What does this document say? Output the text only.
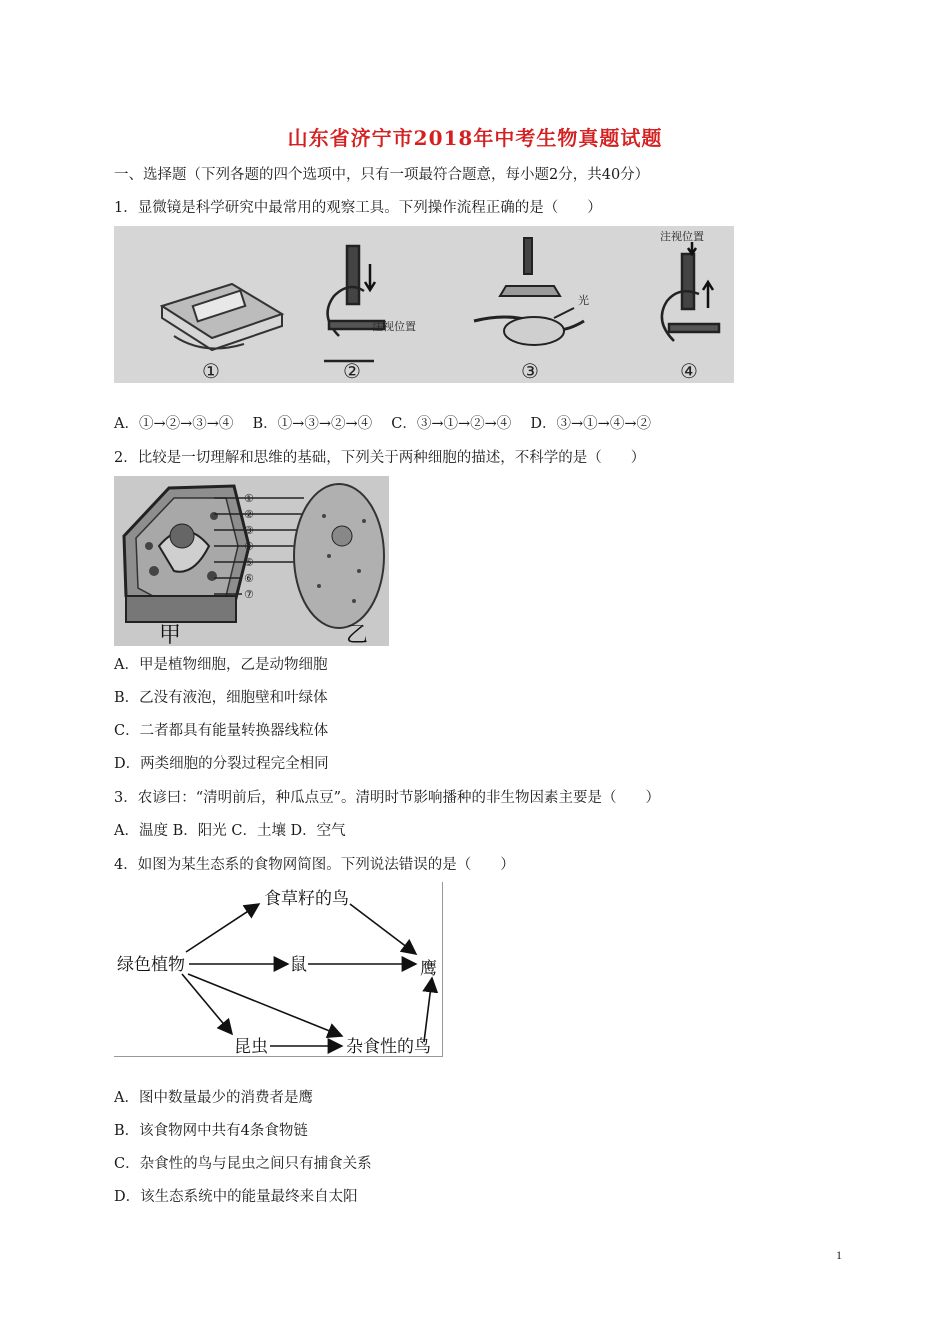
山东省济宁市2018年中考生物真题试题
一、选择题（下列各题的四个选项中，只有一项最符合题意，每小题2分，共40分）
1．显微镜是科学研究中最常用的观察工具。下列操作流程正确的是（　　）
注视位置
光
注视位置
①	②	③	④
A．①→②→③→④　 B．①→③→②→④　 C．③→①→②→④　 D．③→①→④→②
2．比较是一切理解和思维的基础，下列关于两种细胞的描述，不科学的是（　　）
①
②
③
④
⑤
⑥
⑦
甲	乙
A．甲是植物细胞，乙是动物细胞
B．乙没有液泡，细胞壁和叶绿体
C．二者都具有能量转换器线粒体
D．两类细胞的分裂过程完全相同
3．农谚曰：“清明前后，种瓜点豆”。清明时节影响播种的非生物因素主要是（　　）
A．温度 B．阳光 C．土壤 D．空气
4．如图为某生态系的食物网简图。下列说法错误的是（　　）
食草籽的鸟
绿色植物	鼠	鹰
昆虫	杂食性的鸟
A．图中数量最少的消费者是鹰
B．该食物网中共有4条食物链
C．杂食性的鸟与昆虫之间只有捕食关系
D．该生态系统中的能量最终来自太阳
1
